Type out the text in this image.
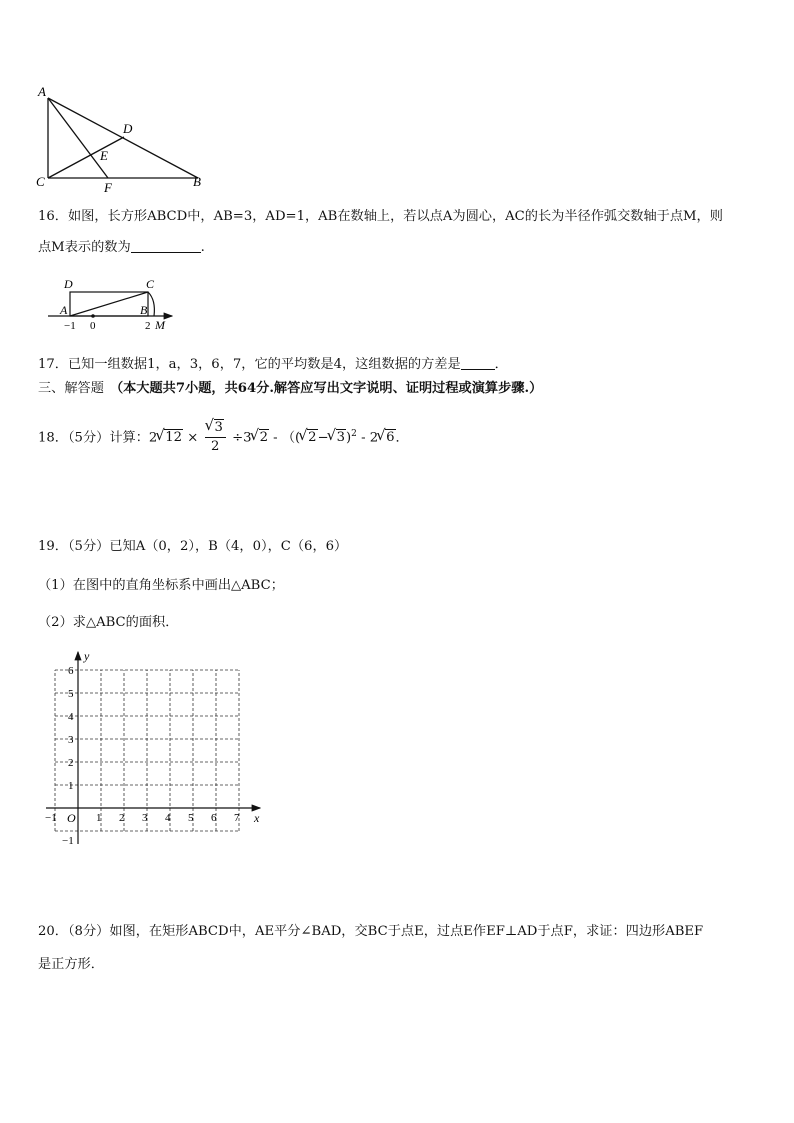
A
C	B
D
E
F
16．如图，长方形ABCD中，AB=3，AD=1，AB在数轴上，若以点A为圆心，AC的长为半径作弧交数轴于点M，则
点M表示的数为	.
D	C
A	B
M
−1 0	2
17．已知一组数据1，a，3，6，7，它的平均数是4，这组数据的方差是	．
三、解答题 （本大题共7小题，共64分.解答应写出文字说明、证明过程或演算步骤.）
18．（5分）计算：2√ 12 ×
√ $\frac{3}{2} \div 3√$ 2 - （(√ 2−√ 3)$^2$ - 2√ 6．
19．（5分）已知A（0，2），B（4，0），C（6，6）
（1）在图中的直角坐标系中画出△ABC；
（2）求△ABC的面积．
y
x
O
−1
−1	1 2 3 4 5 6 7
1
2
3
4
5
6
20．（8分）如图，在矩形ABCD中，AE平分∠BAD，交BC于点E，过点E作EF⊥AD于点F，求证：四边形ABEF
是正方形．
